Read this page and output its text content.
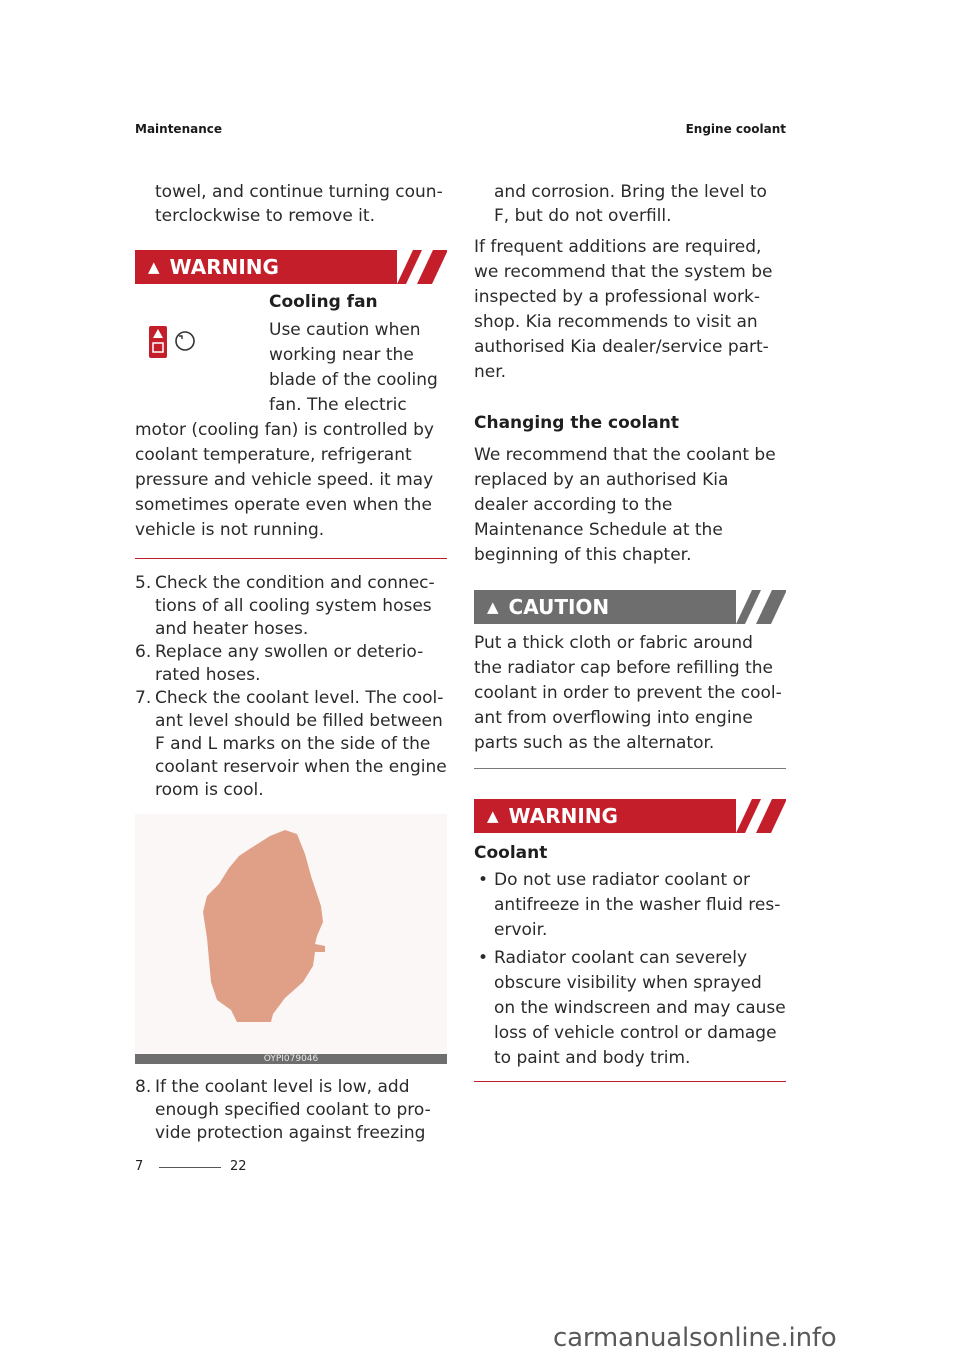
Maintenance	Engine coolant

towel, and continue turning coun-terclockwise to remove it.

▲ WARNING
Cooling fan

Use caution when

working near the

blade of the cooling

fan. The electric

motor (cooling fan) is controlled by coolant temperature, refrigerant pressure and vehicle speed. it may sometimes operate even when the vehicle is not running.

5. Check the condition and connec-tions of all cooling system hoses and heater hoses.
6. Replace any swollen or deterio-rated hoses.
7. Check the coolant level. The cool-ant level should be filled between F and L marks on the side of the coolant reservoir when the engine room is cool.
OYPI079046
8. If the coolant level is low, add enough specified coolant to pro-vide protection against freezing

and corrosion. Bring the level to F, but do not overfill.

If frequent additions are required, we recommend that the system be inspected by a professional work-shop. Kia recommends to visit an authorised Kia dealer/service part-ner.

Changing the coolant

We recommend that the coolant be replaced by an authorised Kia dealer according to the Maintenance Schedule at the beginning of this chapter.

▲ CAUTION

Put a thick cloth or fabric around the radiator cap before refilling the coolant in order to prevent the cool-ant from overflowing into engine parts such as the alternator.

▲ WARNING
Coolant
• Do not use radiator coolant or antifreeze in the washer fluid res-ervoir.
• Radiator coolant can severely obscure visibility when sprayed on the windscreen and may cause loss of vehicle control or damage to paint and body trim.
7	22
carmanualsonline.info
